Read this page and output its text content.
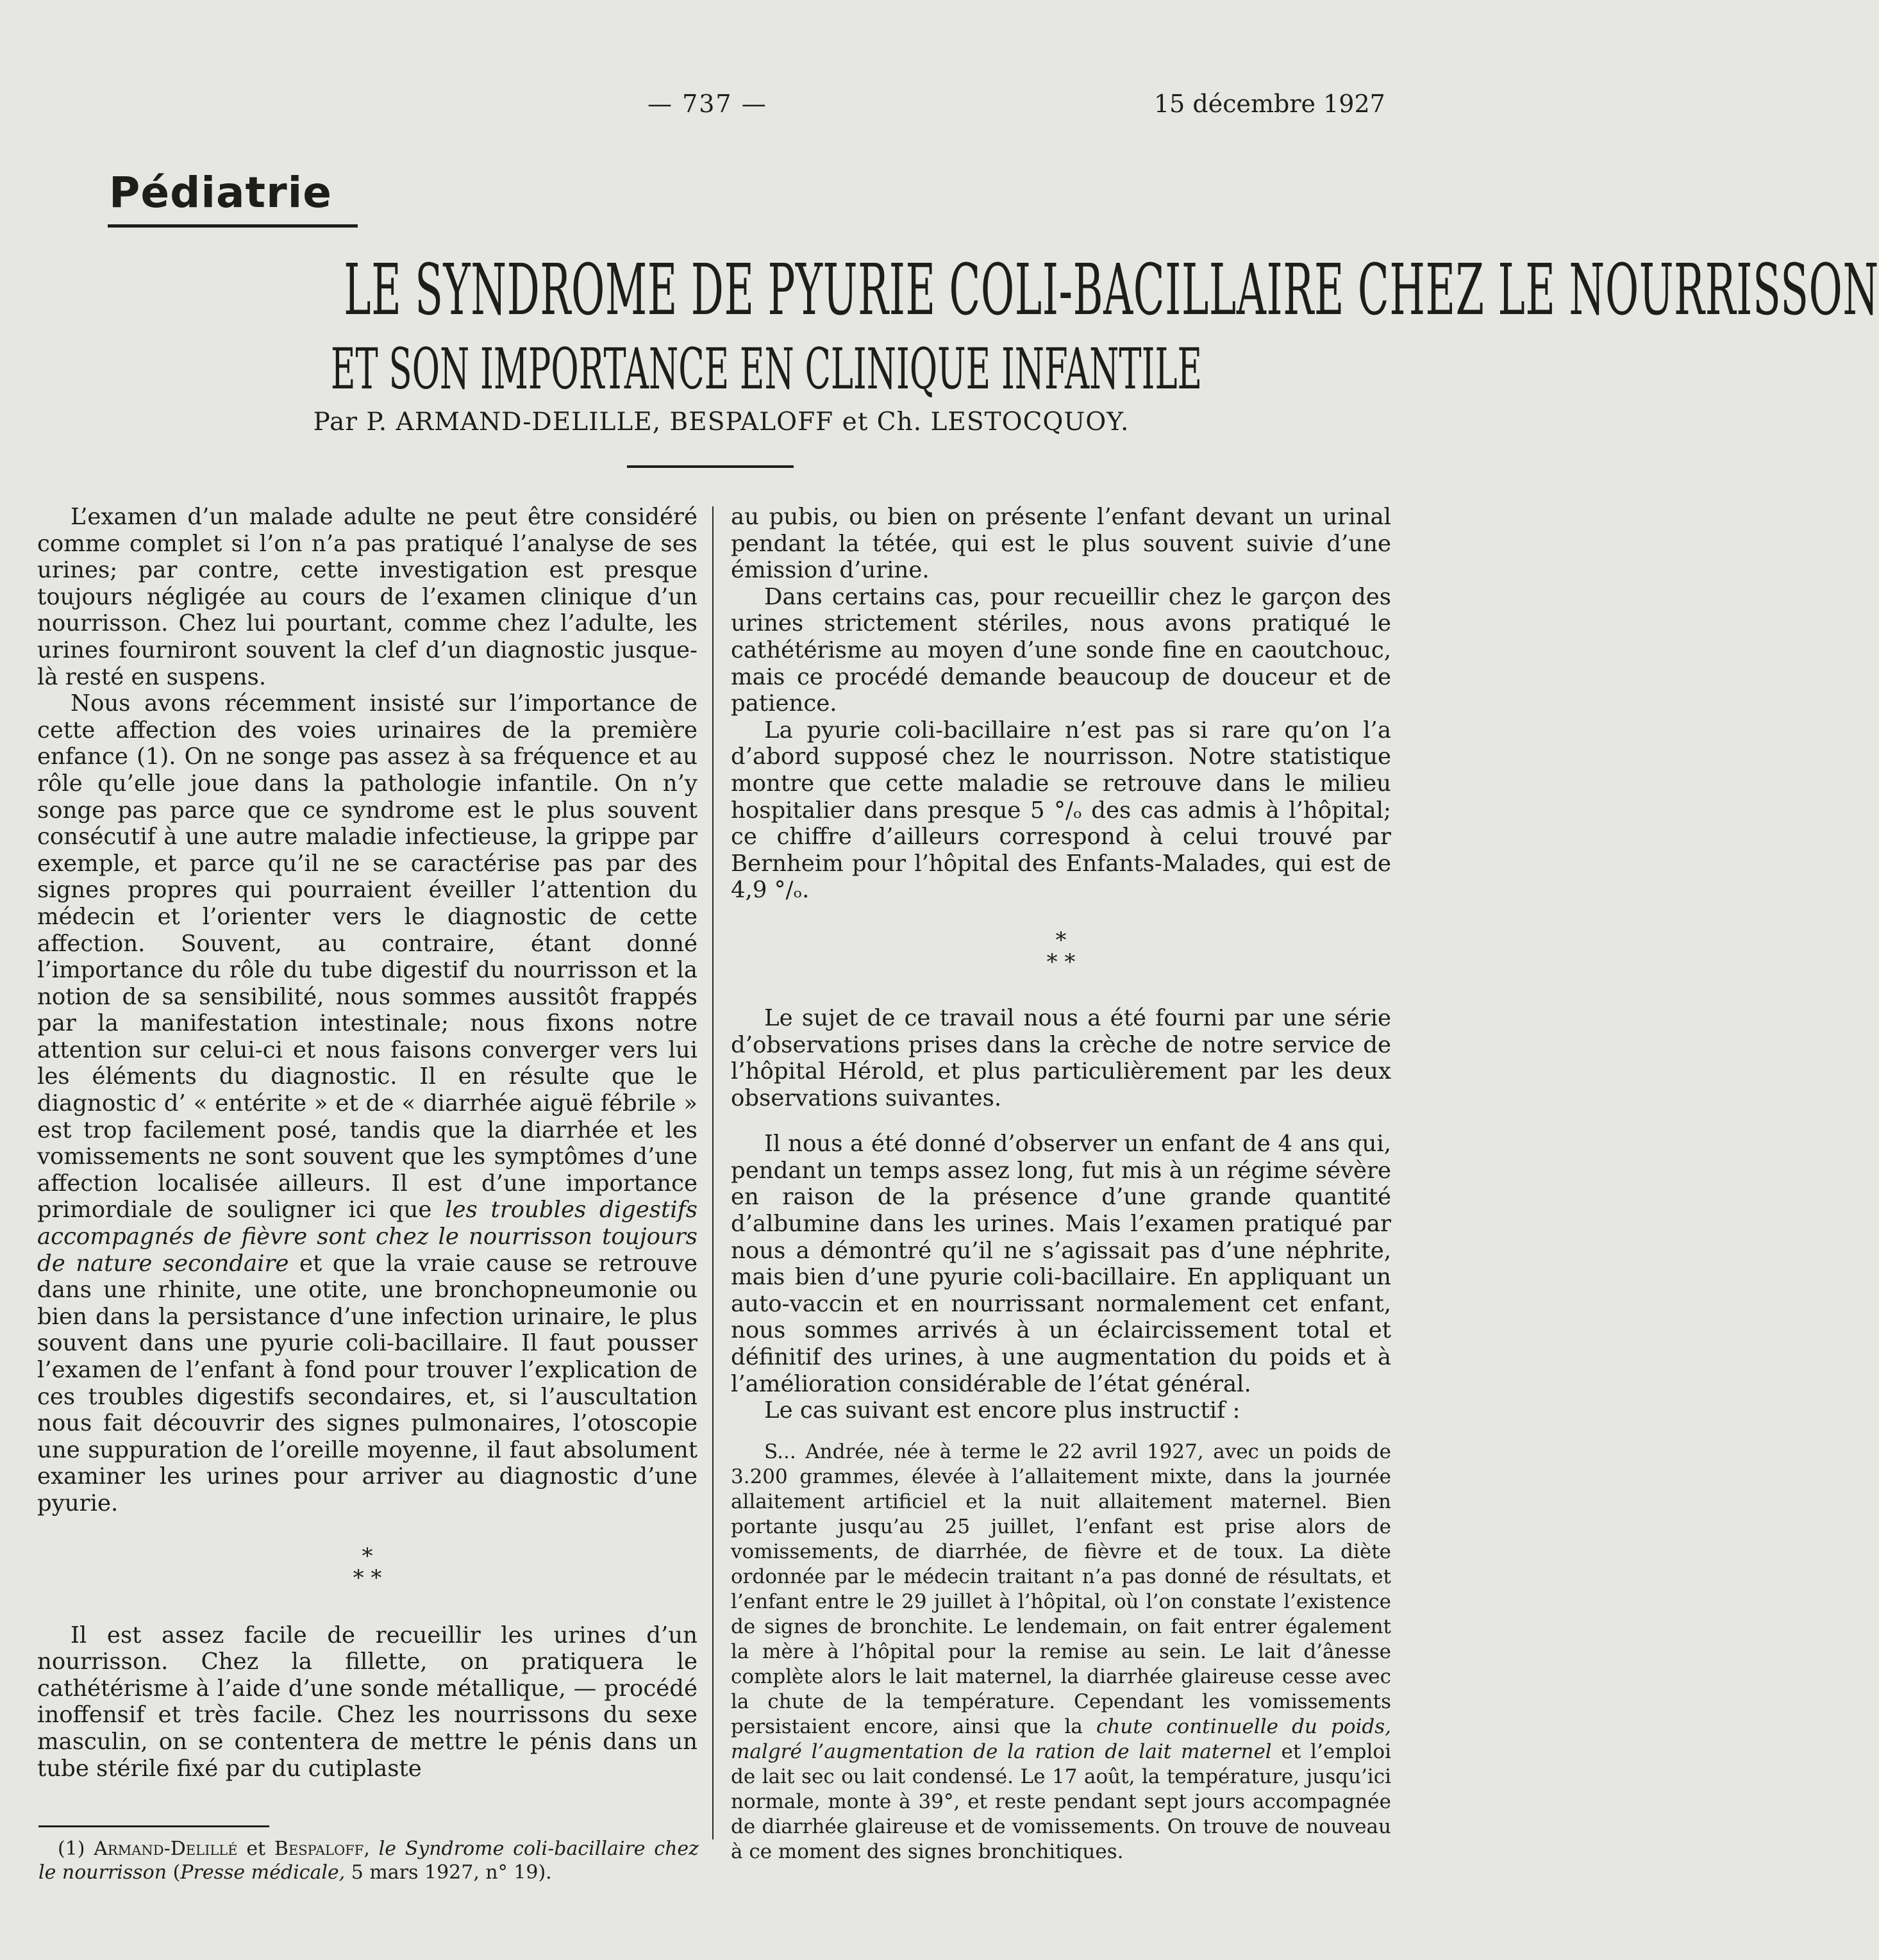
— 737 —	15 décembre 1927
Pédiatrie
LE SYNDROME DE PYURIE COLI-BACILLAIRE CHEZ LE NOURRISSON
ET SON IMPORTANCE EN CLINIQUE INFANTILE
Par P. ARMAND-DELILLE, BESPALOFF et Ch. LESTOCQUOY.

L’examen d’un malade adulte ne peut être considéré comme complet si l’on n’a pas pratiqué l’analyse de ses urines; par contre, cette investigation est presque toujours négligée au cours de l’examen clinique d’un nourrisson. Chez lui pourtant, comme chez l’adulte, les urines fourniront souvent la clef d’un diagnostic jusque-là resté en suspens.

Nous avons récemment insisté sur l’importance de cette affection des voies urinaires de la première enfance (1). On ne songe pas assez à sa fréquence et au rôle qu’elle joue dans la pathologie infantile. On n’y songe pas parce que ce syndrome est le plus souvent consécutif à une autre maladie infectieuse, la grippe par exemple, et parce qu’il ne se caractérise pas par des signes propres qui pourraient éveiller l’attention du médecin et l’orienter vers le diagnostic de cette affection. Souvent, au contraire, étant donné l’importance du rôle du tube digestif du nourrisson et la notion de sa sensibilité, nous sommes aussitôt frappés par la manifestation intestinale; nous fixons notre attention sur celui-ci et nous faisons converger vers lui les éléments du diagnostic. Il en résulte que le diagnostic d’ « entérite » et de « diarrhée aiguë fébrile » est trop facilement posé, tandis que la diarrhée et les vomissements ne sont souvent que les symptômes d’une affection localisée ailleurs. Il est d’une importance primordiale de souligner ici que les troubles digestifs accompagnés de fièvre sont chez le nourrisson toujours de nature secondaire et que la vraie cause se retrouve dans une rhinite, une otite, une bronchopneumonie ou bien dans la persistance d’une infection urinaire, le plus souvent dans une pyurie coli-bacillaire. Il faut pousser l’examen de l’enfant à fond pour trouver l’explication de ces troubles digestifs secondaires, et, si l’auscultation nous fait découvrir des signes pulmonaires, l’otoscopie une suppuration de l’oreille moyenne, il faut absolument examiner les urines pour arriver au diagnostic d’une pyurie.

*
* *

Il est assez facile de recueillir les urines d’un nourrisson. Chez la fillette, on pratiquera le cathétérisme à l’aide d’une sonde métallique, — procédé inoffensif et très facile. Chez les nourrissons du sexe masculin, on se contentera de mettre le pénis dans un tube stérile fixé par du cutiplaste

au pubis, ou bien on présente l’enfant devant un urinal pendant la tétée, qui est le plus souvent suivie d’une émission d’urine.

Dans certains cas, pour recueillir chez le garçon des urines strictement stériles, nous avons pratiqué le cathétérisme au moyen d’une sonde fine en caoutchouc, mais ce procédé demande beaucoup de douceur et de patience.

La pyurie coli-bacillaire n’est pas si rare qu’on l’a d’abord supposé chez le nourrisson. Notre statistique montre que cette maladie se retrouve dans le milieu hospitalier dans presque 5 °/ₒ des cas admis à l’hôpital; ce chiffre d’ailleurs correspond à celui trouvé par Bernheim pour l’hôpital des Enfants-Malades, qui est de 4,9 °/ₒ.

*
* *

Le sujet de ce travail nous a été fourni par une série d’observations prises dans la crèche de notre service de l’hôpital Hérold, et plus particulièrement par les deux observations suivantes.

Il nous a été donné d’observer un enfant de 4 ans qui, pendant un temps assez long, fut mis à un régime sévère en raison de la présence d’une grande quantité d’albumine dans les urines. Mais l’examen pratiqué par nous a démontré qu’il ne s’agissait pas d’une néphrite, mais bien d’une pyurie coli-bacillaire. En appliquant un auto-vaccin et en nourrissant normalement cet enfant, nous sommes arrivés à un éclaircissement total et définitif des urines, à une augmentation du poids et à l’amélioration considérable de l’état général.

Le cas suivant est encore plus instructif :

S... Andrée, née à terme le 22 avril 1927, avec un poids de 3.200 grammes, élevée à l’allaitement mixte, dans la journée allaitement artificiel et la nuit allaitement maternel. Bien portante jusqu’au 25 juillet, l’enfant est prise alors de vomissements, de diarrhée, de fièvre et de toux. La diète ordonnée par le médecin traitant n’a pas donné de résultats, et l’enfant entre le 29 juillet à l’hôpital, où l’on constate l’existence de signes de bronchite. Le lendemain, on fait entrer également la mère à l’hôpital pour la remise au sein. Le lait d’ânesse complète alors le lait maternel, la diarrhée glaireuse cesse avec la chute de la température. Cependant les vomissements persistaient encore, ainsi que la chute continuelle du poids, malgré l’augmentation de la ration de lait maternel et l’emploi de lait sec ou lait condensé. Le 17 août, la température, jusqu’ici normale, monte à 39°, et reste pendant sept jours accompagnée de diarrhée glaireuse et de vomissements. On trouve de nouveau à ce moment des signes bronchitiques.

(1) Armand-Delillé et Bespaloff, le Syndrome coli-bacillaire chez le nourrisson (Presse médicale, 5 mars 1927, n° 19).
